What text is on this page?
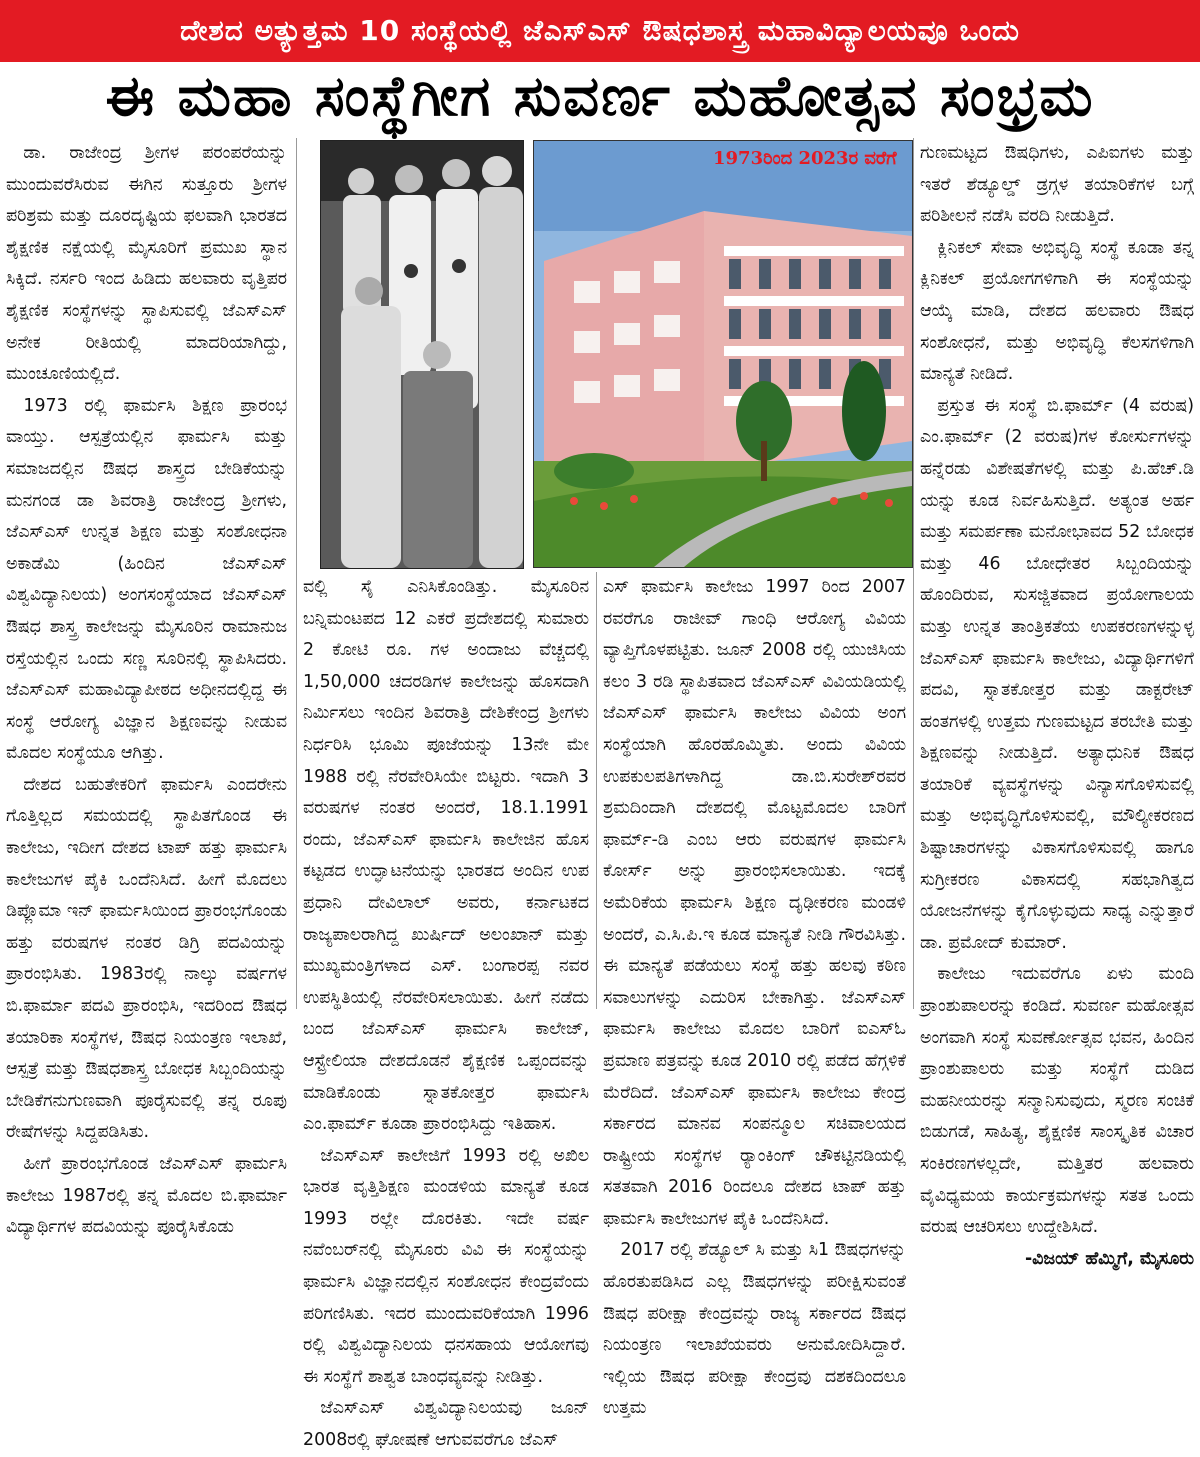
ದೇಶದ ಅತ್ಯುತ್ತಮ 10 ಸಂಸ್ಥೆಯಲ್ಲಿ ಜೆಎಸ್‌ಎಸ್ ಔಷಧಶಾಸ್ತ್ರ ಮಹಾವಿದ್ಯಾಲಯವೂ ಒಂದು
ಈ ಮಹಾ ಸಂಸ್ಥೆಗೀಗ ಸುವರ್ಣ ಮಹೋತ್ಸವ ಸಂಭ್ರಮ
1973ರಿಂದ 2023ರ ವರೆಗೆ

ಡಾ. ರಾಜೇಂದ್ರ ಶ್ರೀಗಳ ಪರಂಪರೆಯನ್ನು ಮುಂದುವರೆಸಿರುವ ಈಗಿನ ಸುತ್ತೂರು ಶ್ರೀಗಳ ಪರಿಶ್ರಮ ಮತ್ತು ದೂರದೃಷ್ಟಿಯ ಫಲವಾಗಿ ಭಾರತದ ಶೈಕ್ಷಣಿಕ ನಕ್ಷೆಯಲ್ಲಿ ಮೈಸೂರಿಗೆ ಪ್ರಮುಖ ಸ್ಥಾನ ಸಿಕ್ಕಿದೆ. ನರ್ಸರಿ ಇಂದ ಹಿಡಿದು ಹಲವಾರು ವೃತ್ತಿಪರ ಶೈಕ್ಷಣಿಕ ಸಂಸ್ಥೆಗಳನ್ನು ಸ್ಥಾಪಿಸುವಲ್ಲಿ ಜೆಎಸ್‌ಎಸ್ ಅನೇಕ ರೀತಿಯಲ್ಲಿ ಮಾದರಿಯಾಗಿದ್ದು, ಮುಂಚೂಣಿಯಲ್ಲಿದೆ.

1973 ರಲ್ಲಿ ಫಾರ್ಮಸಿ ಶಿಕ್ಷಣ ಪ್ರಾರಂಭ ವಾಯ್ತು. ಆಸ್ಪತ್ರೆಯಲ್ಲಿನ ಫಾರ್ಮಸಿ ಮತ್ತು ಸಮಾಜದಲ್ಲಿನ ಔಷಧ ಶಾಸ್ತ್ರದ ಬೇಡಿಕೆಯನ್ನು ಮನಗಂಡ ಡಾ ಶಿವರಾತ್ರಿ ರಾಜೇಂದ್ರ ಶ್ರೀಗಳು, ಜೆಎಸ್‌ಎಸ್ ಉನ್ನತ ಶಿಕ್ಷಣ ಮತ್ತು ಸಂಶೋಧನಾ ಅಕಾಡೆಮಿ (ಹಿಂದಿನ ಜೆಎಸ್‌ಎಸ್ ವಿಶ್ವವಿದ್ಯಾನಿಲಯ) ಅಂಗಸಂಸ್ಥೆಯಾದ ಜೆಎಸ್‌ಎಸ್ ಔಷಧ ಶಾಸ್ತ್ರ ಕಾಲೇಜನ್ನು ಮೈಸೂರಿನ ರಾಮಾನುಜ ರಸ್ತೆಯಲ್ಲಿನ ಒಂದು ಸಣ್ಣ ಸೂರಿನಲ್ಲಿ ಸ್ಥಾಪಿಸಿದರು. ಜೆಎಸ್‌ಎಸ್ ಮಹಾವಿದ್ಯಾಪೀಠದ ಅಧೀನದಲ್ಲಿದ್ದ ಈ ಸಂಸ್ಥೆ ಆರೋಗ್ಯ ವಿಜ್ಞಾನ ಶಿಕ್ಷಣವನ್ನು ನೀಡುವ ಮೊದಲ ಸಂಸ್ಥೆಯೂ ಆಗಿತ್ತು.

ದೇಶದ ಬಹುತೇಕರಿಗೆ ಫಾರ್ಮಸಿ ಎಂದರೇನು ಗೊತ್ತಿಲ್ಲದ ಸಮಯದಲ್ಲಿ ಸ್ಥಾಪಿತಗೊಂಡ ಈ ಕಾಲೇಜು, ಇದೀಗ ದೇಶದ ಟಾಪ್ ಹತ್ತು ಫಾರ್ಮಸಿ ಕಾಲೇಜುಗಳ ಪೈಕಿ ಒಂದೆನಿಸಿದೆ. ಹೀಗೆ ಮೊದಲು ಡಿಪ್ಲೊಮಾ ಇನ್ ಫಾರ್ಮಸಿಯಿಂದ ಪ್ರಾರಂಭಗೊಂಡು ಹತ್ತು ವರುಷಗಳ ನಂತರ ಡಿಗ್ರಿ ಪದವಿಯನ್ನು ಪ್ರಾರಂಭಿಸಿತು. 1983ರಲ್ಲಿ ನಾಲ್ಕು ವರ್ಷಗಳ ಬಿ.ಫಾರ್ಮಾ ಪದವಿ ಪ್ರಾರಂಭಿಸಿ, ಇದರಿಂದ ಔಷಧ ತಯಾರಿಕಾ ಸಂಸ್ಥೆಗಳ, ಔಷಧ ನಿಯಂತ್ರಣ ಇಲಾಖೆ, ಆಸ್ಪತ್ರೆ ಮತ್ತು ಔಷಧಶಾಸ್ತ್ರ ಬೋಧಕ ಸಿಬ್ಬಂದಿಯನ್ನು ಬೇಡಿಕೆಗನುಗುಣವಾಗಿ ಪೂರೈಸುವಲ್ಲಿ ತನ್ನ ರೂಪು ರೇಷೆಗಳನ್ನು ಸಿದ್ದಪಡಿಸಿತು.

ಹೀಗೆ ಪ್ರಾರಂಭಗೊಂಡ ಜೆಎಸ್‌ಎಸ್ ಫಾರ್ಮಸಿ ಕಾಲೇಜು 1987ರಲ್ಲಿ ತನ್ನ ಮೊದಲ ಬಿ.ಫಾರ್ಮಾ ವಿದ್ಯಾರ್ಥಿಗಳ ಪದವಿಯನ್ನು ಪೂರೈಸಿಕೊಡು

ವಲ್ಲಿ ಸೈ ಎನಿಸಿಕೊಂಡಿತ್ತು. ಮೈಸೂರಿನ ಬನ್ನಿಮಂಟಪದ 12 ಎಕರೆ ಪ್ರದೇಶದಲ್ಲಿ ಸುಮಾರು 2 ಕೋಟಿ ರೂ. ಗಳ ಅಂದಾಜು ವೆಚ್ಚದಲ್ಲಿ 1,50,000 ಚದರಡಿಗಳ ಕಾಲೇಜನ್ನು ಹೊಸದಾಗಿ ನಿರ್ಮಿಸಲು ಇಂದಿನ ಶಿವರಾತ್ರಿ ದೇಶಿಕೇಂದ್ರ ಶ್ರೀಗಳು ನಿರ್ಧರಿಸಿ ಭೂಮಿ ಪೂಜೆಯನ್ನು 13ನೇ ಮೇ 1988 ರಲ್ಲಿ ನೆರವೇರಿಸಿಯೇ ಬಿಟ್ಟರು. ಇದಾಗಿ 3 ವರುಷಗಳ ನಂತರ ಅಂದರೆ, 18.1.1991 ರಂದು, ಜೆಎಸ್‌ಎಸ್ ಫಾರ್ಮಸಿ ಕಾಲೇಜಿನ ಹೊಸ ಕಟ್ಟಡದ ಉದ್ಘಾಟನೆಯನ್ನು ಭಾರತದ ಅಂದಿನ ಉಪ ಪ್ರಧಾನಿ ದೇವಿಲಾಲ್ ಅವರು, ಕರ್ನಾಟಕದ ರಾಜ್ಯಪಾಲರಾಗಿದ್ದ ಖುರ್ಷಿದ್ ಅಲಂಖಾನ್ ಮತ್ತು ಮುಖ್ಯಮಂತ್ರಿಗಳಾದ ಎಸ್. ಬಂಗಾರಪ್ಪ ನವರ ಉಪಸ್ಥಿತಿಯಲ್ಲಿ ನೆರವೇರಿಸಲಾಯಿತು. ಹೀಗೆ ನಡೆದು ಬಂದ ಜೆಎಸ್‌ಎಸ್ ಫಾರ್ಮಸಿ ಕಾಲೇಜ್, ಆಸ್ಟ್ರೇಲಿಯಾ ದೇಶದೊಡನೆ ಶೈಕ್ಷಣಿಕ ಒಪ್ಪಂದವನ್ನು ಮಾಡಿಕೊಂಡು ಸ್ನಾತಕೋತ್ತರ ಫಾರ್ಮಸಿ ಎಂ.ಫಾರ್ಮ್ ಕೂಡಾ ಪ್ರಾರಂಭಿಸಿದ್ದು ಇತಿಹಾಸ.

ಜೆಎಸ್‌ಎಸ್ ಕಾಲೇಜಿಗೆ 1993 ರಲ್ಲಿ ಅಖಿಲ ಭಾರತ ವೃತ್ತಿಶಿಕ್ಷಣ ಮಂಡಳಿಯ ಮಾನ್ಯತೆ ಕೂಡ 1993 ರಲ್ಲೇ ದೊರಕಿತು. ಇದೇ ವರ್ಷ ನವೆಂಬರ್‌ನಲ್ಲಿ ಮೈಸೂರು ವಿವಿ ಈ ಸಂಸ್ಥೆಯನ್ನು ಫಾರ್ಮಸಿ ವಿಜ್ಞಾನದಲ್ಲಿನ ಸಂಶೋಧನ ಕೇಂದ್ರವೆಂದು ಪರಿಗಣಿಸಿತು. ಇದರ ಮುಂದುವರಿಕೆಯಾಗಿ 1996 ರಲ್ಲಿ ವಿಶ್ವವಿದ್ಯಾನಿಲಯ ಧನಸಹಾಯ ಆಯೋಗವು ಈ ಸಂಸ್ಥೆಗೆ ಶಾಶ್ವತ ಬಾಂಧವ್ಯವನ್ನು ನೀಡಿತ್ತು.

ಜೆಎಸ್‌ಎಸ್ ವಿಶ್ವವಿದ್ಯಾನಿಲಯವು ಜೂನ್ 2008ರಲ್ಲಿ ಘೋಷಣೆ ಆಗುವವರೆಗೂ ಜೆಎಸ್

ಎಸ್ ಫಾರ್ಮಸಿ ಕಾಲೇಜು 1997 ರಿಂದ 2007 ರವರೆಗೂ ರಾಜೀವ್ ಗಾಂಧಿ ಆರೋಗ್ಯ ವಿವಿಯ ವ್ಯಾಪ್ತಿಗೊಳಪಟ್ಟಿತು. ಜೂನ್ 2008 ರಲ್ಲಿ ಯುಜಿಸಿಯ ಕಲಂ 3 ರಡಿ ಸ್ಥಾಪಿತವಾದ ಜೆಎಸ್‌ಎಸ್ ವಿವಿಯಡಿಯಲ್ಲಿ ಜೆಎಸ್‌ಎಸ್ ಫಾರ್ಮಸಿ ಕಾಲೇಜು ವಿವಿಯ ಅಂಗ ಸಂಸ್ಥೆಯಾಗಿ ಹೊರಹೊಮ್ಮಿತು. ಅಂದು ವಿವಿಯ ಉಪಕುಲಪತಿಗಳಾಗಿದ್ದ ಡಾ.ಬಿ.ಸುರೇಶ್‌ರವರ ಶ್ರಮದಿಂದಾಗಿ ದೇಶದಲ್ಲಿ ಮೊಟ್ಟಮೊದಲ ಬಾರಿಗೆ ಫಾರ್ಮ್-ಡಿ ಎಂಬ ಆರು ವರುಷಗಳ ಫಾರ್ಮಸಿ ಕೋರ್ಸ್ ಅನ್ನು ಪ್ರಾರಂಭಿಸಲಾಯಿತು. ಇದಕ್ಕೆ ಅಮೆರಿಕೆಯ ಫಾರ್ಮಸಿ ಶಿಕ್ಷಣ ದೃಢೀಕರಣ ಮಂಡಳಿ ಅಂದರೆ, ಎ.ಸಿ.ಪಿ.ಇ ಕೂಡ ಮಾನ್ಯತೆ ನೀಡಿ ಗೌರವಿಸಿತ್ತು. ಈ ಮಾನ್ಯತೆ ಪಡೆಯಲು ಸಂಸ್ಥೆ ಹತ್ತು ಹಲವು ಕಠಿಣ ಸವಾಲುಗಳನ್ನು ಎದುರಿಸ ಬೇಕಾಗಿತ್ತು. ಜೆಎಸ್‌ಎಸ್ ಫಾರ್ಮಸಿ ಕಾಲೇಜು ಮೊದಲ ಬಾರಿಗೆ ಐಎಸ್‌ಓ ಪ್ರಮಾಣ ಪತ್ರವನ್ನು ಕೂಡ 2010 ರಲ್ಲಿ ಪಡೆದ ಹೆಗ್ಗಳಿಕೆ ಮೆರೆದಿದೆ. ಜೆಎಸ್‌ಎಸ್ ಫಾರ್ಮಸಿ ಕಾಲೇಜು ಕೇಂದ್ರ ಸರ್ಕಾರದ ಮಾನವ ಸಂಪನ್ಮೂಲ ಸಚಿವಾಲಯದ ರಾಷ್ಟ್ರೀಯ ಸಂಸ್ಥೆಗಳ ರ‍್ಯಾಂಕಿಂಗ್ ಚೌಕಟ್ಟಿನಡಿಯಲ್ಲಿ ಸತತವಾಗಿ 2016 ರಿಂದಲೂ ದೇಶದ ಟಾಪ್ ಹತ್ತು ಫಾರ್ಮಸಿ ಕಾಲೇಜುಗಳ ಪೈಕಿ ಒಂದೆನಿಸಿದೆ.

2017 ರಲ್ಲಿ ಶೆಡ್ಯೂಲ್ ಸಿ ಮತ್ತು ಸಿ1 ಔಷಧಗಳನ್ನು ಹೊರತುಪಡಿಸಿದ ಎಲ್ಲ ಔಷಧಗಳನ್ನು ಪರೀಕ್ಷಿಸುವಂತೆ ಔಷಧ ಪರೀಕ್ಷಾ ಕೇಂದ್ರವನ್ನು ರಾಜ್ಯ ಸರ್ಕಾರದ ಔಷಧ ನಿಯಂತ್ರಣ ಇಲಾಖೆಯವರು ಅನುಮೋದಿಸಿದ್ದಾರೆ. ಇಲ್ಲಿಯ ಔಷಧ ಪರೀಕ್ಷಾ ಕೇಂದ್ರವು ದಶಕದಿಂದಲೂ ಉತ್ತಮ

ಗುಣಮಟ್ಟದ ಔಷಧಿಗಳು, ಎಪಿಐಗಳು ಮತ್ತು ಇತರೆ ಶೆಡ್ಯೂಲ್ಡ್ ಡ್ರಗ್ಗಳ ತಯಾರಿಕೆಗಳ ಬಗ್ಗೆ ಪರಿಶೀಲನೆ ನಡೆಸಿ ವರದಿ ನೀಡುತ್ತಿದೆ.

ಕ್ಲಿನಿಕಲ್ ಸೇವಾ ಅಭಿವೃದ್ಧಿ ಸಂಸ್ಥೆ ಕೂಡಾ ತನ್ನ ಕ್ಲಿನಿಕಲ್ ಪ್ರಯೋಗಗಳಿಗಾಗಿ ಈ ಸಂಸ್ಥೆಯನ್ನು ಆಯ್ಕೆ ಮಾಡಿ, ದೇಶದ ಹಲವಾರು ಔಷಧ ಸಂಶೋಧನೆ, ಮತ್ತು ಅಭಿವೃದ್ಧಿ ಕೆಲಸಗಳಿಗಾಗಿ ಮಾನ್ಯತೆ ನೀಡಿದೆ.

ಪ್ರಸ್ತುತ ಈ ಸಂಸ್ಥೆ ಬಿ.ಫಾರ್ಮ್ (4 ವರುಷ) ಎಂ.ಫಾರ್ಮ್ (2 ವರುಷ)ಗಳ ಕೋರ್ಸುಗಳನ್ನು ಹನ್ನೆರಡು ವಿಶೇಷತೆಗಳಲ್ಲಿ ಮತ್ತು ಪಿ.ಹೆಚ್.ಡಿ ಯನ್ನು ಕೂಡ ನಿರ್ವಹಿಸುತ್ತಿದೆ. ಅತ್ಯಂತ ಅರ್ಹ ಮತ್ತು ಸಮರ್ಪಣಾ ಮನೋಭಾವದ 52 ಬೋಧಕ ಮತ್ತು 46 ಬೋಧೇತರ ಸಿಬ್ಬಂದಿಯನ್ನು ಹೊಂದಿರುವ, ಸುಸಜ್ಜಿತವಾದ ಪ್ರಯೋಗಾಲಯ ಮತ್ತು ಉನ್ನತ ತಾಂತ್ರಿಕತೆಯ ಉಪಕರಣಗಳನ್ನುಳ್ಳ ಜೆಎಸ್‌ಎಸ್ ಫಾರ್ಮಸಿ ಕಾಲೇಜು, ವಿದ್ಯಾರ್ಥಿಗಳಿಗೆ ಪದವಿ, ಸ್ನಾತಕೋತ್ತರ ಮತ್ತು ಡಾಕ್ಟರೇಟ್ ಹಂತಗಳಲ್ಲಿ ಉತ್ತಮ ಗುಣಮಟ್ಟದ ತರಬೇತಿ ಮತ್ತು ಶಿಕ್ಷಣವನ್ನು ನೀಡುತ್ತಿದೆ. ಅತ್ಯಾಧುನಿಕ ಔಷಧ ತಯಾರಿಕೆ ವ್ಯವಸ್ಥೆಗಳನ್ನು ವಿನ್ಯಾಸಗೊಳಿಸುವಲ್ಲಿ ಮತ್ತು ಅಭಿವೃದ್ಧಿಗೊಳಿಸುವಲ್ಲಿ, ಮೌಲ್ಯೀಕರಣದ ಶಿಷ್ಟಾಚಾರಗಳನ್ನು ವಿಕಾಸಗೊಳಿಸುವಲ್ಲಿ ಹಾಗೂ ಸುಗ್ರೀಕರಣ ವಿಕಾಸದಲ್ಲಿ ಸಹಭಾಗಿತ್ವದ ಯೋಜನೆಗಳನ್ನು ಕೈಗೊಳ್ಳುವುದು ಸಾಧ್ಯ ಎನ್ನುತ್ತಾರೆ ಡಾ. ಪ್ರಮೋದ್ ಕುಮಾರ್.

ಕಾಲೇಜು ಇದುವರೆಗೂ ಏಳು ಮಂದಿ ಪ್ರಾಂಶುಪಾಲರನ್ನು ಕಂಡಿದೆ. ಸುವರ್ಣ ಮಹೋತ್ಸವ ಅಂಗವಾಗಿ ಸಂಸ್ಥೆ ಸುವರ್ಣೋತ್ಸವ ಭವನ, ಹಿಂದಿನ ಪ್ರಾಂಶುಪಾಲರು ಮತ್ತು ಸಂಸ್ಥೆಗೆ ದುಡಿದ ಮಹನೀಯರನ್ನು ಸನ್ಮಾನಿಸುವುದು, ಸ್ಮರಣ ಸಂಚಿಕೆ ಬಿಡುಗಡೆ, ಸಾಹಿತ್ಯ, ಶೈಕ್ಷಣಿಕ ಸಾಂಸ್ಕೃತಿಕ ವಿಚಾರ ಸಂಕಿರಣಗಳಲ್ಲದೇ, ಮತ್ತಿತರ ಹಲವಾರು ವೈವಿಧ್ಯಮಯ ಕಾರ್ಯಕ್ರಮಗಳನ್ನು ಸತತ ಒಂದು ವರುಷ ಆಚರಿಸಲು ಉದ್ದೇಶಿಸಿದೆ.

-ವಿಜಯ್ ಹೆಮ್ಮಿಗೆ, ಮೈಸೂರು
